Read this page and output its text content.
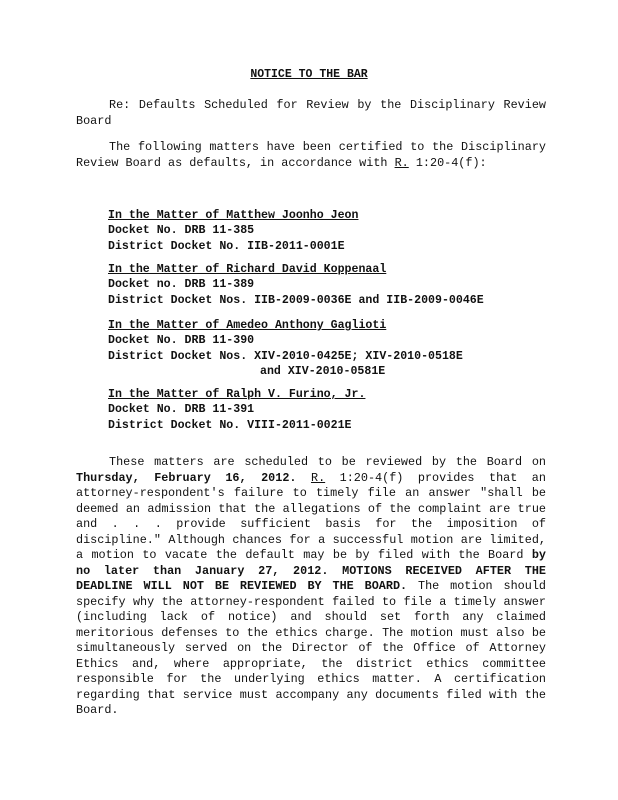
NOTICE TO THE BAR

Re: Defaults Scheduled for Review by the Disciplinary Review Board

The following matters have been certified to the Disciplinary Review Board as defaults, in accordance with R. 1:20-4(f):

In the Matter of Matthew Joonho Jeon
Docket No. DRB 11-385
District Docket No. IIB-2011-0001E
In the Matter of Richard David Koppenaal
Docket no. DRB 11-389
District Docket Nos. IIB-2009-0036E and IIB-2009-0046E
In the Matter of Amedeo Anthony Gaglioti
Docket No. DRB 11-390
District Docket Nos. XIV-2010-0425E; XIV-2010-0518E
and XIV-2010-0581E
In the Matter of Ralph V. Furino, Jr.
Docket No. DRB 11-391
District Docket No. VIII-2011-0021E

These matters are scheduled to be reviewed by the Board on Thursday, February 16, 2012. R. 1:20-4(f) provides that an attorney-respondent's failure to timely file an answer "shall be deemed an admission that the allegations of the complaint are true and . . . provide sufficient basis for the imposition of discipline." Although chances for a successful motion are limited, a motion to vacate the default may be by filed with the Board by no later than January 27, 2012. MOTIONS RECEIVED AFTER THE DEADLINE WILL NOT BE REVIEWED BY THE BOARD. The motion should specify why the attorney-respondent failed to file a timely answer (including lack of notice) and should set forth any claimed meritorious defenses to the ethics charge. The motion must also be simultaneously served on the Director of the Office of Attorney Ethics and, where appropriate, the district ethics committee responsible for the underlying ethics matter. A certification regarding that service must accompany any documents filed with the Board.
